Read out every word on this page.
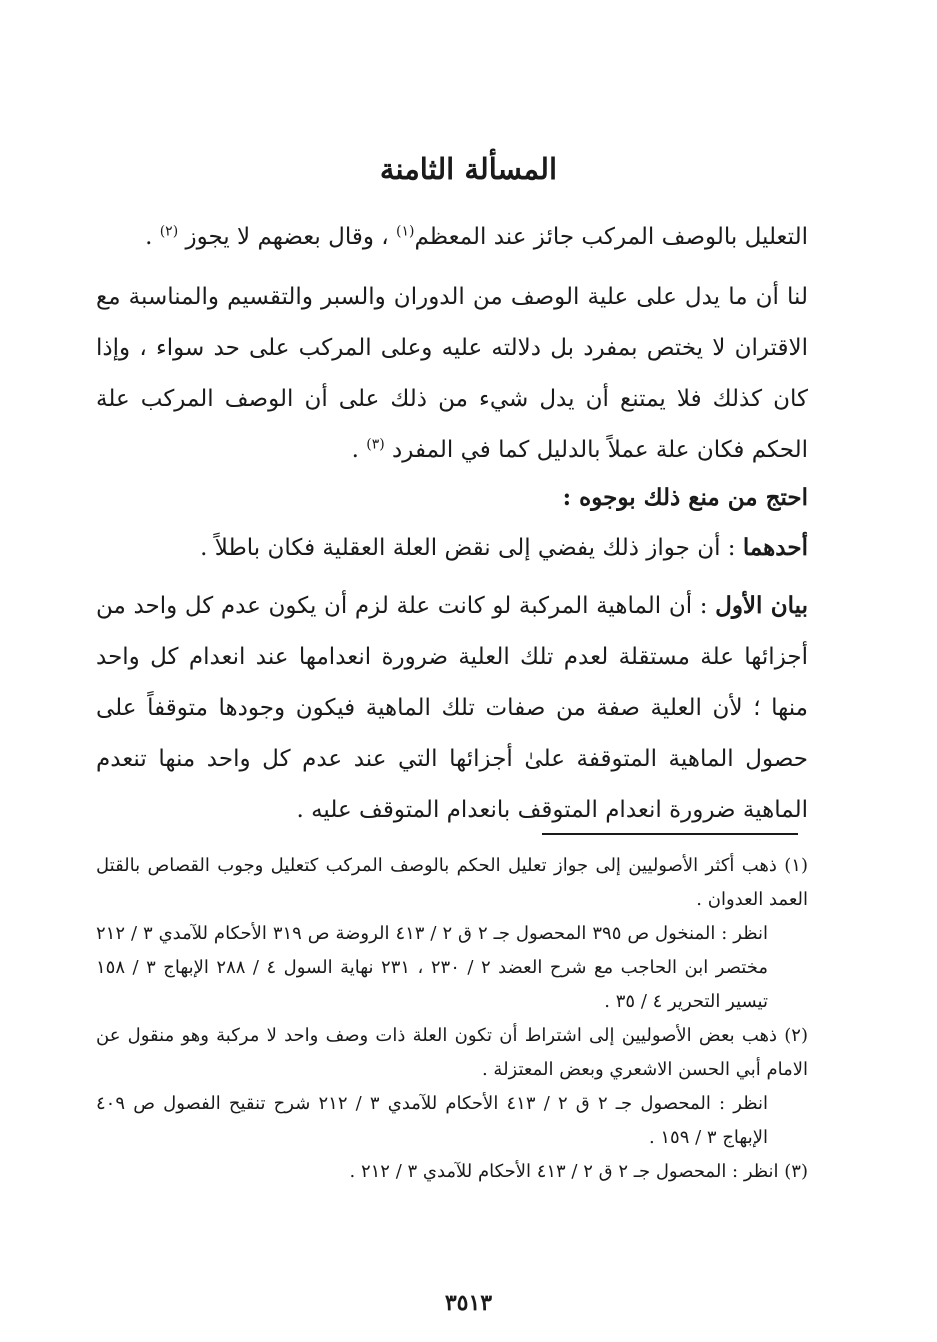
المسألة الثامنة

التعليل بالوصف المركب جائز عند المعظم$^{(١)}$ ، وقال بعضهم لا يجوز $^{(٢)}$ .

لنا أن ما يدل على علية الوصف من الدوران والسبر والتقسيم والمناسبة مع الاقتران لا يختص بمفرد بل دلالته عليه وعلى المركب على حد سواء ، وإذا كان كذلك فلا يمتنع أن يدل شيء من ذلك على أن الوصف المركب علة الحكم فكان علة عملاً بالدليل كما في المفرد $^{(٣)}$ .

احتج من منع ذلك بوجوه :

أحدهما : أن جواز ذلك يفضي إلى نقض العلة العقلية فكان باطلاً .

بيان الأول : أن الماهية المركبة لو كانت علة لزم أن يكون عدم كل واحد من أجزائها علة مستقلة لعدم تلك العلية ضرورة انعدامها عند انعدام كل واحد منها ؛ لأن العلية صفة من صفات تلك الماهية فيكون وجودها متوقفاً على حصول الماهية المتوقفة علىٰ أجزائها التي عند عدم كل واحد منها تنعدم الماهية ضرورة انعدام المتوقف بانعدام المتوقف عليه .

(١) ذهب أكثر الأصوليين إلى جواز تعليل الحكم بالوصف المركب كتعليل وجوب القصاص بالقتل العمد العدوان .

انظر : المنخول ص ٣٩٥ المحصول جـ ٢ ق ٢ / ٤١٣ الروضة ص ٣١٩ الأحكام للآمدي ٣ / ٢١٢ مختصر ابن الحاجب مع شرح العضد ٢ / ٢٣٠ ، ٢٣١ نهاية السول ٤ / ٢٨٨ الإبهاج ٣ / ١٥٨ تيسير التحرير ٤ / ٣٥ .

(٢) ذهب بعض الأصوليين إلى اشتراط أن تكون العلة ذات وصف واحد لا مركبة وهو منقول عن الامام أبي الحسن الاشعري وبعض المعتزلة .

انظر : المحصول جـ ٢ ق ٢ / ٤١٣ الأحكام للآمدي ٣ / ٢١٢ شرح تنقيح الفصول ص ٤٠٩ الإبهاج ٣ / ١٥٩ .

(٣) انظر : المحصول جـ ٢ ق ٢ / ٤١٣ الأحكام للآمدي ٣ / ٢١٢ .

٣٥١٣
